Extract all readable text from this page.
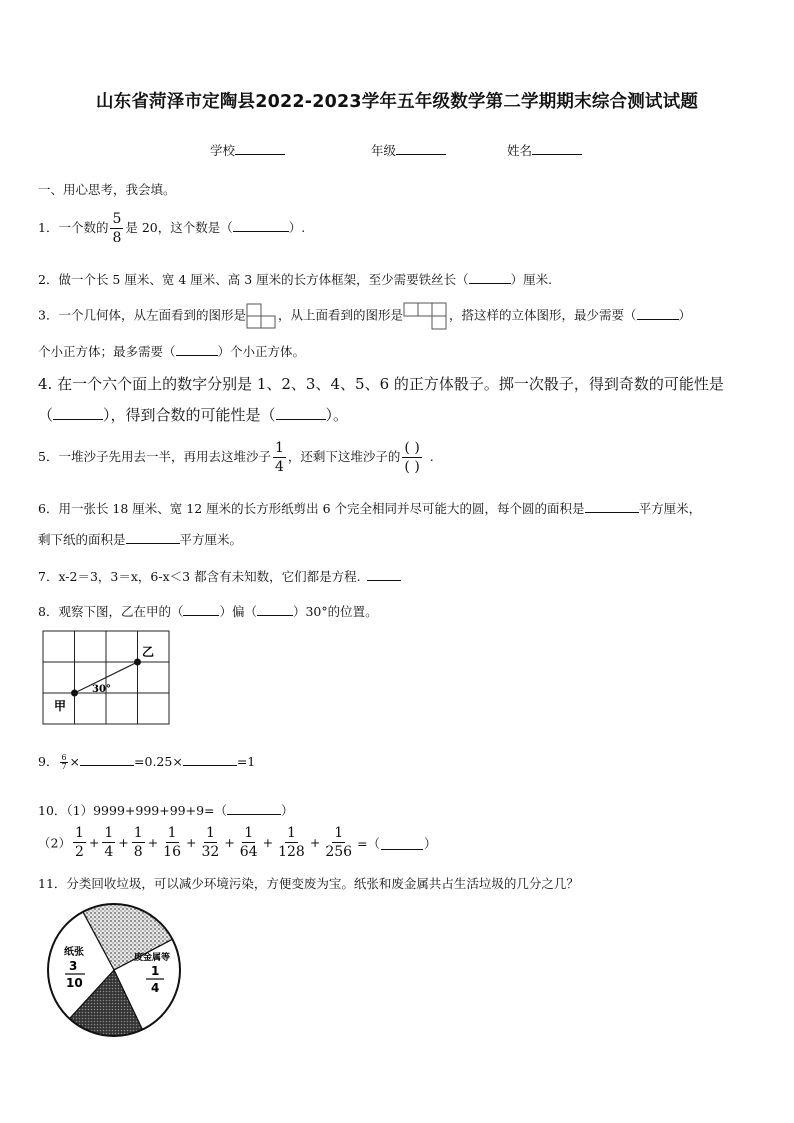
山东省菏泽市定陶县2022-2023学年五年级数学第二学期期末综合测试试题
学校	年级	姓名
一、用心思考，我会填。
1．一个数的 $\frac{5}{8}$ 是 20，这个数是（	）.
2．做一个长 5 厘米、宽 4 厘米、高 3 厘米的长方体框架，至少需要铁丝长（	）厘米.
3．一个几何体，从左面看到的图形是	，从上面看到的图形是	，搭这样的立体图形，最少需要（	）
个小正方体；最多需要（	）个小正方体。
4. 在一个六个面上的数字分别是 1、2、3、4、5、6 的正方体骰子。掷一次骰子，得到奇数的可能性是
（	），得到合数的可能性是（	）。
5．一堆沙子先用去一半，再用去这堆沙子 $\frac{1}{4}$ ，还剩下这堆沙子的 $\frac{( )}{( )}$ .
6．用一张长 18 厘米、宽 12 厘米的长方形纸剪出 6 个完全相同并尽可能大的圆，每个圆的面积是	平方厘米，
剩下纸的面积是	平方厘米。
7．x-2＝3，3＝x，6-x＜3 都含有未知数，它们都是方程.
8．观察下图，乙在甲的（	）偏（	）30°的位置。
甲
乙
30°
9． $\frac{6}{7}$ ×	=0.25×	=1
10．（1）9999+999+99+9=（	）
$(2) \frac{1}{2} + \frac{1}{4} + \frac{1}{8} + \frac{1}{16} + \frac{1}{32} + \frac{1}{64} + \frac{1}{128} + \frac{1}{256}$ =（	）
11．分类回收垃圾，可以减少环境污染，方便变废为宝。纸张和废金属共占生活垃圾的几分之几？
纸张
3
10
废金属等
1
4
